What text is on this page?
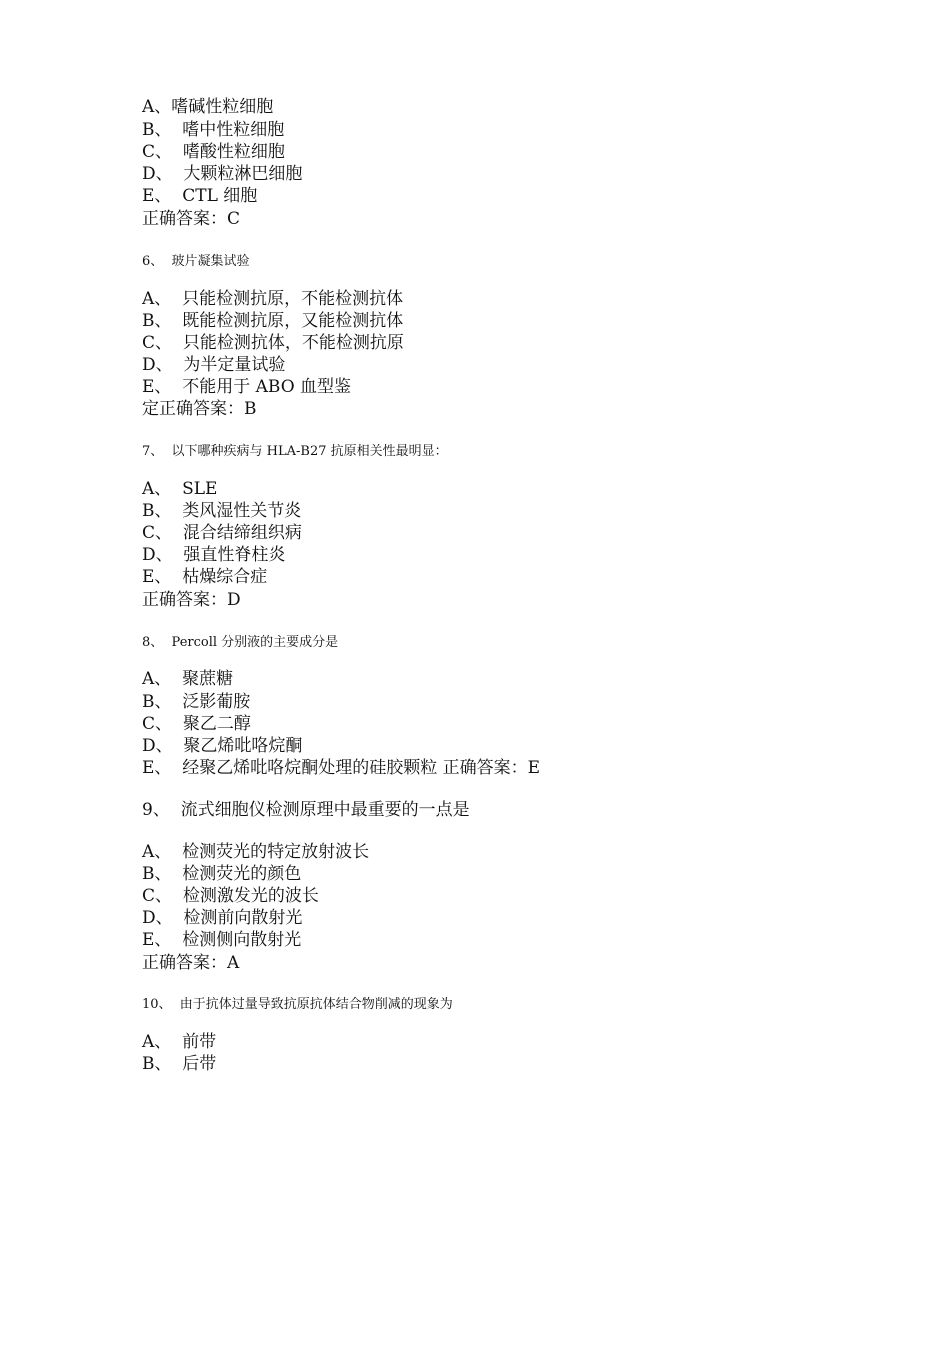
A、嗜碱性粒细胞
B、  嗜中性粒细胞
C、  嗜酸性粒细胞
D、  大颗粒淋巴细胞
E、  CTL 细胞
正确答案：C
6、  玻片凝集试验
A、  只能检测抗原，不能检测抗体
B、  既能检测抗原，又能检测抗体
C、  只能检测抗体，不能检测抗原
D、  为半定量试验
E、  不能用于 ABO 血型鉴
定正确答案：B
7、  以下哪种疾病与 HLA-B27 抗原相关性最明显：
A、  SLE
B、  类风湿性关节炎
C、  混合结缔组织病
D、  强直性脊柱炎
E、  枯燥综合症
正确答案：D
8、  Percoll 分别液的主要成分是
A、  聚蔗糖
B、  泛影葡胺
C、  聚乙二醇
D、  聚乙烯吡咯烷酮
E、  经聚乙烯吡咯烷酮处理的硅胶颗粒 正确答案：E
9、  流式细胞仪检测原理中最重要的一点是
A、  检测荧光的特定放射波长
B、  检测荧光的颜色
C、  检测激发光的波长
D、  检测前向散射光
E、  检测侧向散射光
正确答案：A
10、  由于抗体过量导致抗原抗体结合物削减的现象为
A、  前带
B、  后带
